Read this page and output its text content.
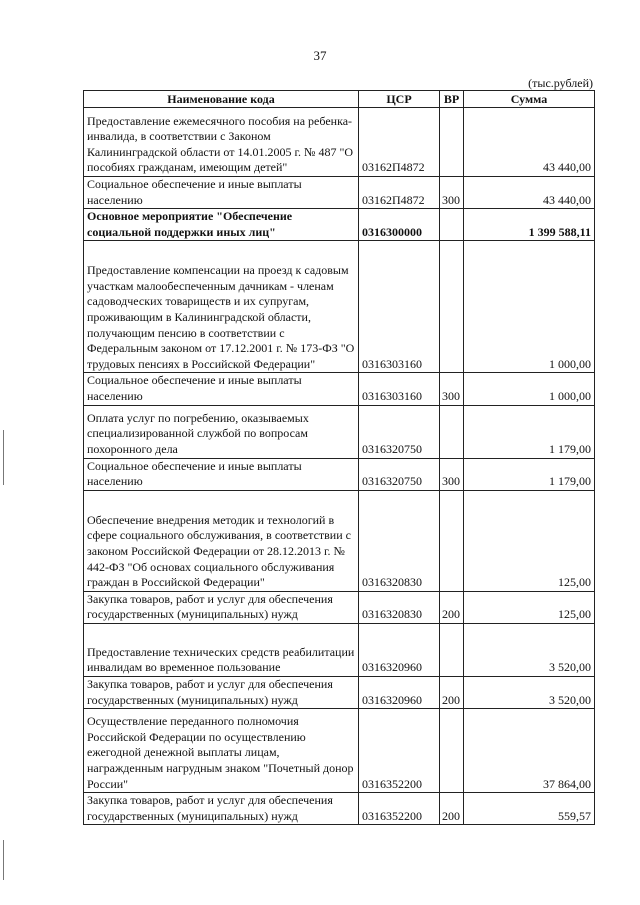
37
(тыс.рублей)
Наименование кода	ЦСР	ВР	Сумма
Предоставление ежемесячного пособия на ребенка-инвалида, в соответствии с Законом Калининградской области от 14.01.2005 г. № 487 "О пособиях гражданам, имеющим детей"	03162П4872		43 440,00
Социальное обеспечение и иные выплаты населению	03162П4872	300	43 440,00
Основное мероприятие "Обеспечение социальной поддержки иных лиц"	0316300000		1 399 588,11
Предоставление компенсации на проезд к садовым участкам малообеспеченным дачникам - членам садоводческих товариществ и их супругам, проживающим в Калининградской области, получающим пенсию в соответствии с Федеральным законом от 17.12.2001 г. № 173-ФЗ "О трудовых пенсиях в Российской Федерации"	0316303160		1 000,00
Социальное обеспечение и иные выплаты населению	0316303160	300	1 000,00
Оплата услуг по погребению, оказываемых специализированной службой по вопросам похоронного дела	0316320750		1 179,00
Социальное обеспечение и иные выплаты населению	0316320750	300	1 179,00
Обеспечение внедрения методик и технологий в сфере социального обслуживания, в соответствии с законом Российской Федерации от 28.12.2013 г. № 442-ФЗ "Об основах социального обслуживания граждан в Российской Федерации"	0316320830		125,00
Закупка товаров, работ и услуг для обеспечения государственных (муниципальных) нужд	0316320830	200	125,00
Предоставление технических средств реабилитации инвалидам во временное пользование	0316320960		3 520,00
Закупка товаров, работ и услуг для обеспечения государственных (муниципальных) нужд	0316320960	200	3 520,00
Осуществление переданного полномочия Российской Федерации по осуществлению ежегодной денежной выплаты лицам, награжденным нагрудным знаком "Почетный донор России"	0316352200		37 864,00
Закупка товаров, работ и услуг для обеспечения государственных (муниципальных) нужд	0316352200	200	559,57
